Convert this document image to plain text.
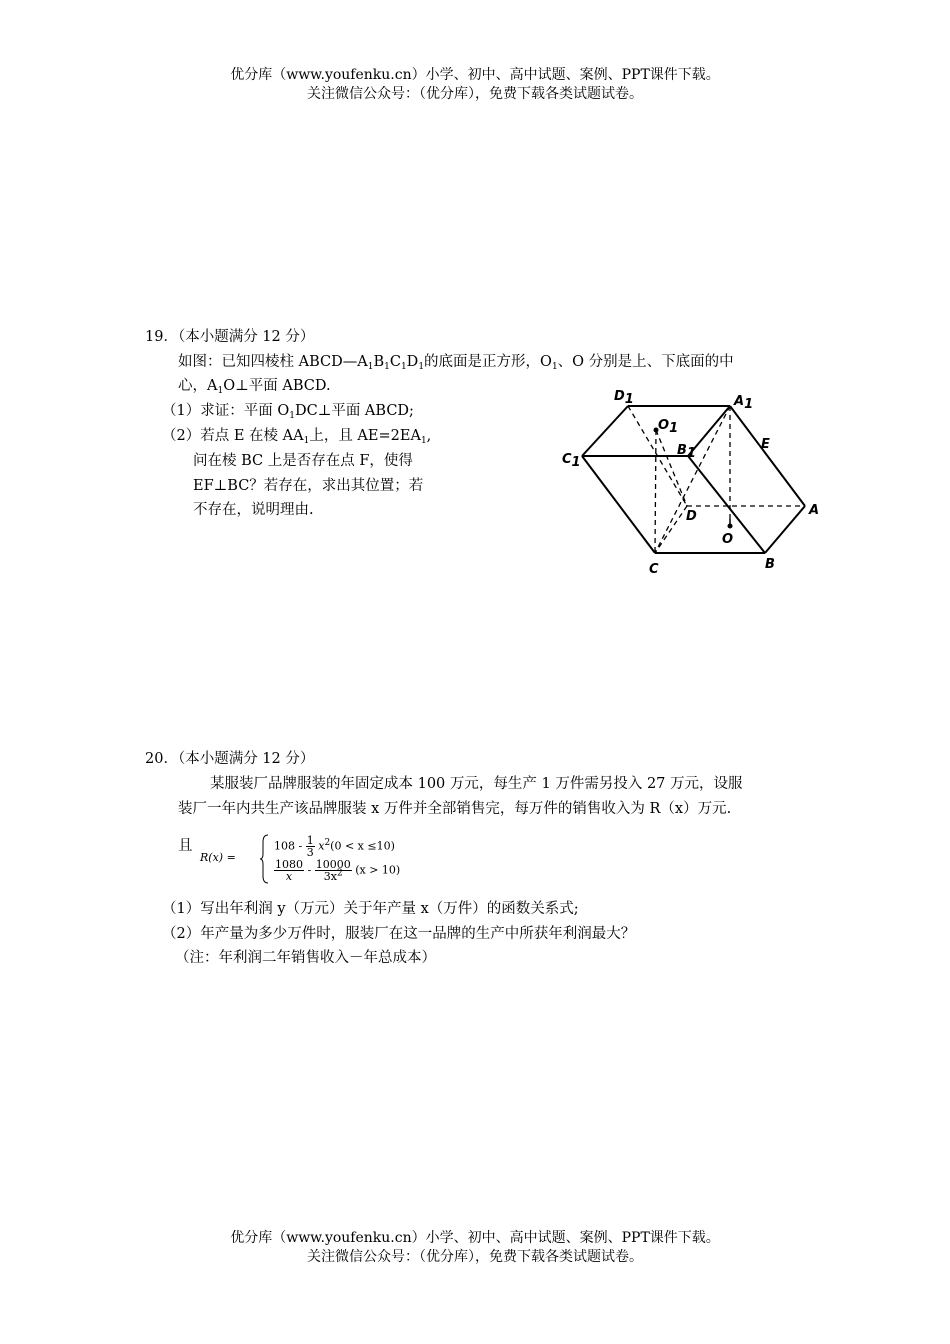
优分库（www.youfenku.cn）小学、初中、高中试题、案例、PPT课件下载。
关注微信公众号：（优分库），免费下载各类试题试卷。
19．（本小题满分 12 分）
如图：已知四棱柱 $ABCD—A_1B_1C_1D_1$的底面是正方形，$O_1$、O 分别是上、下底面的中
心，$A_1O\perp$平面 ABCD.
（1）求证：平面 $O_1DC\perp$平面 ABCD;
（2）若点 E 在棱 $AA_1$上，且 $AE=2EA_1$,
问在棱 BC 上是否存在点 F，使得
EF⊥BC？若存在，求出其位置；若
不存在，说明理由.
D1	A1
O1
E
B1
C1
D	A
O
C	B
20．（本小题满分 12 分）
某服装厂品牌服装的年固定成本 100 万元，每生产 1 万件需另投入 27 万元，设服
装厂一年内共生产该品牌服装 x 万件并全部销售完，每万件的销售收入为 R（x）万元.
且
R(x) =
$108 - \frac{1}{3} x^2(0 < x \le 10)$
$\frac{1080}{x} - \frac{10000}{3x^2} (x > 10)$
（1）写出年利润 y（万元）关于年产量 x（万件）的函数关系式;
（2）年产量为多少万件时，服装厂在这一品牌的生产中所获年利润最大？
（注：年利润二年销售收入－年总成本）
优分库（www.youfenku.cn）小学、初中、高中试题、案例、PPT课件下载。
关注微信公众号：（优分库），免费下载各类试题试卷。
